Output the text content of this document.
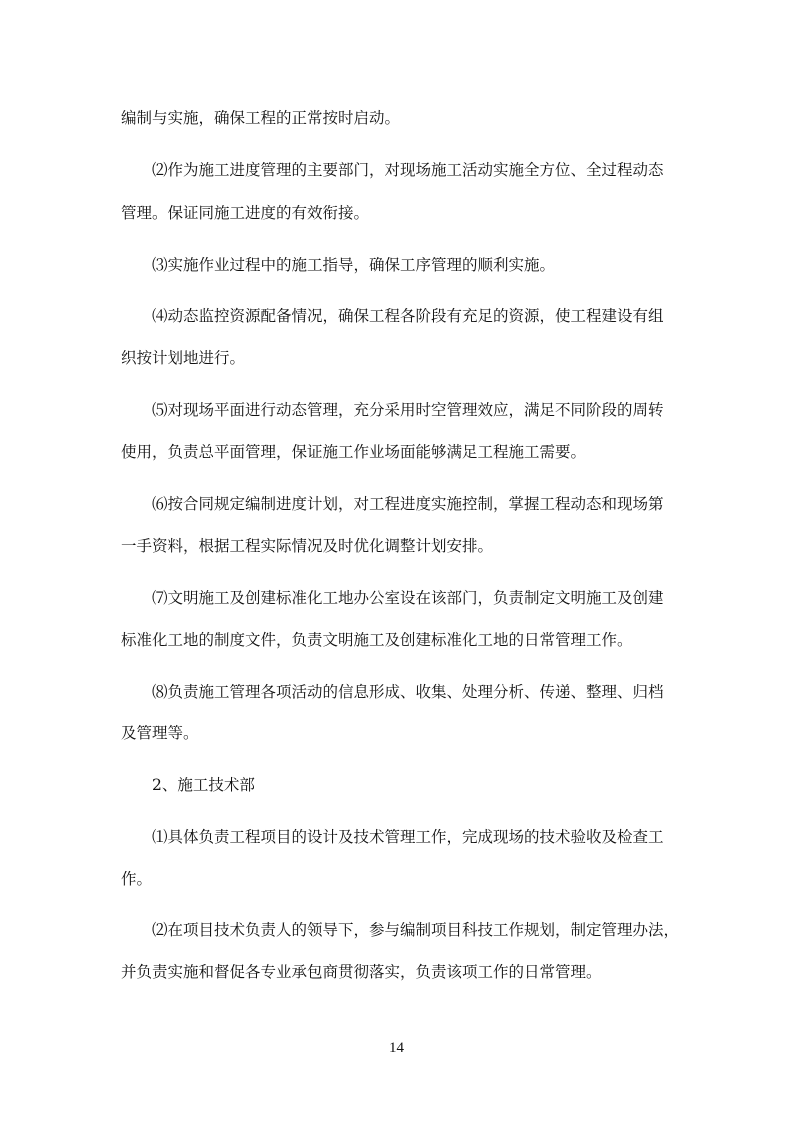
编制与实施，确保工程的正常按时启动。
⑵作为施工进度管理的主要部门，对现场施工活动实施全方位、全过程动态
管理。保证同施工进度的有效衔接。
⑶实施作业过程中的施工指导，确保工序管理的顺利实施。
⑷动态监控资源配备情况，确保工程各阶段有充足的资源，使工程建设有组
织按计划地进行。
⑸对现场平面进行动态管理，充分采用时空管理效应，满足不同阶段的周转
使用，负责总平面管理，保证施工作业场面能够满足工程施工需要。
⑹按合同规定编制进度计划，对工程进度实施控制，掌握工程动态和现场第
一手资料，根据工程实际情况及时优化调整计划安排。
⑺文明施工及创建标准化工地办公室设在该部门，负责制定文明施工及创建
标准化工地的制度文件，负责文明施工及创建标准化工地的日常管理工作。
⑻负责施工管理各项活动的信息形成、收集、处理分析、传递、整理、归档
及管理等。
2、施工技术部
⑴具体负责工程项目的设计及技术管理工作，完成现场的技术验收及检查工
作。
⑵在项目技术负责人的领导下，参与编制项目科技工作规划，制定管理办法，
并负责实施和督促各专业承包商贯彻落实，负责该项工作的日常管理。
14
